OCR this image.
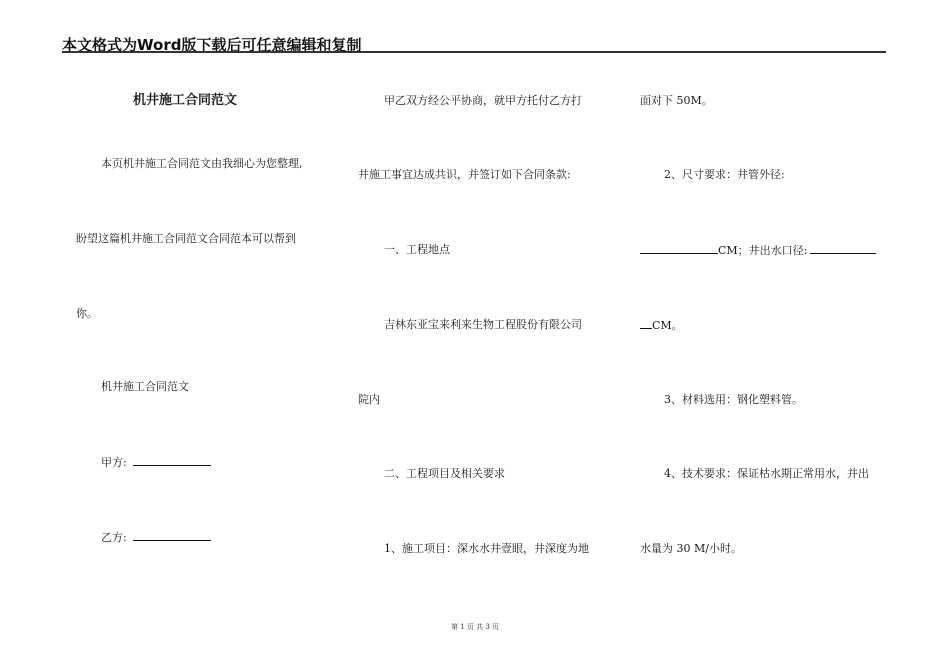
本文格式为Word版下载后可任意编辑和复制
机井施工合同范文
本页机井施工合同范文由我细心为您整理,
盼望这篇机井施工合同范文合同范本可以帮到
你。
机井施工合同范文
甲方:
乙方:
甲乙双方经公平协商，就甲方托付乙方打
井施工事宜达成共识，并签订如下合同条款:
一、工程地点
吉林东亚宝来利来生物工程股份有限公司
院内
二、工程项目及相关要求
1、施工项目：深水水井壹眼，井深度为地
面对下 50M。
2、尺寸要求：井管外径:
CM；井出水口径:
CM。
3、材料选用：钢化塑料管。
4、技术要求：保证枯水期正常用水，并出
水量为 30 M/小时。
第 1 页 共 3 页
